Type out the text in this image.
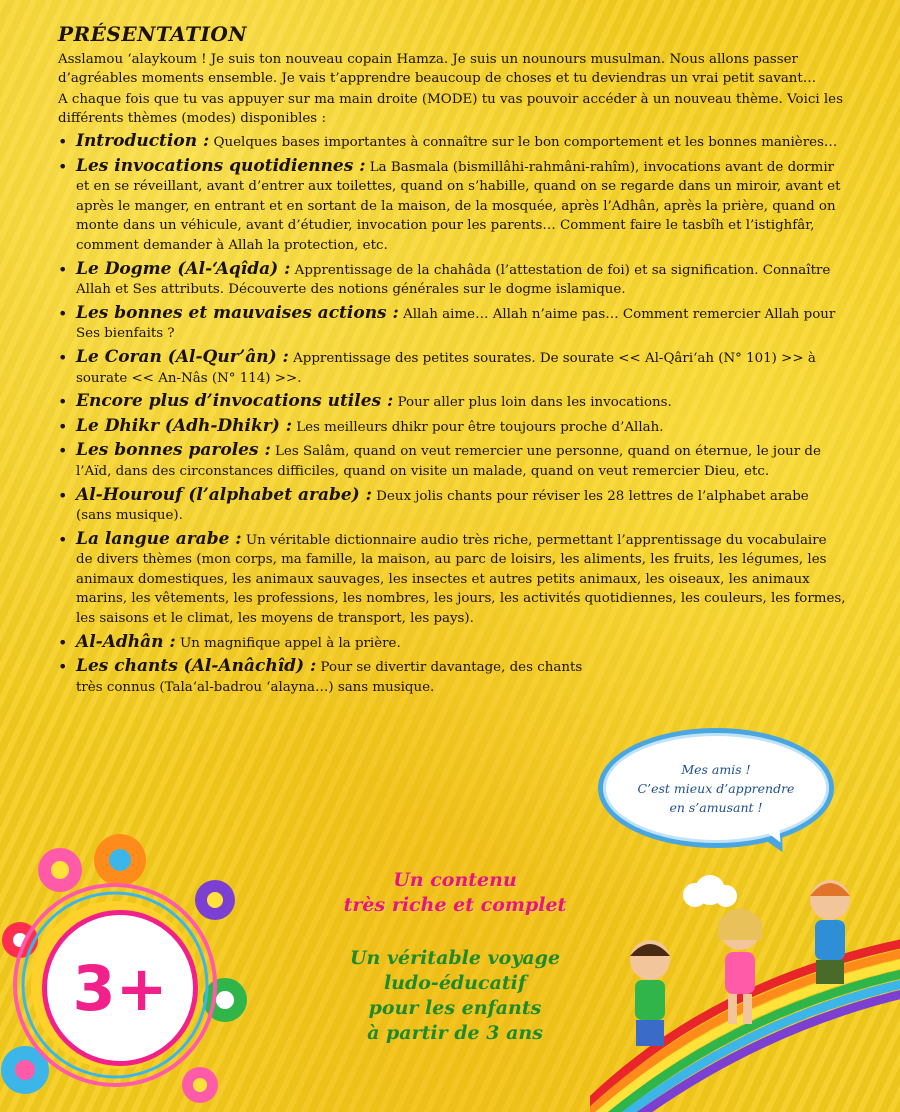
PRÉSENTATION

Asslamou ‘alaykoum ! Je suis ton nouveau copain Hamza. Je suis un nounours musulman. Nous allons passer d’agréables moments ensemble. Je vais t’apprendre beaucoup de choses et tu deviendras un vrai petit savant…

A chaque fois que tu vas appuyer sur ma main droite (MODE) tu vas pouvoir accéder à un nouveau thème. Voici les différents thèmes (modes) disponibles :

• Introduction : Quelques bases importantes à connaître sur le bon comportement et les bonnes manières…
• Les invocations quotidiennes : La Basmala (bismillâhi-rahmâni-rahîm), invocations avant de dormir et en se réveillant, avant d’entrer aux toilettes, quand on s’habille, quand on se regarde dans un miroir, avant et après le manger, en entrant et en sortant de la maison, de la mosquée, après l’Adhân, après la prière, quand on monte dans un véhicule, avant d’étudier, invocation pour les parents… Comment faire le tasbîh et l’istighfâr, comment demander à Allah la protection, etc.
• Le Dogme (Al-‘Aqîda) : Apprentissage de la chahâda (l’attestation de foi) et sa signification. Connaître Allah et Ses attributs. Découverte des notions générales sur le dogme islamique.
• Les bonnes et mauvaises actions : Allah aime… Allah n’aime pas… Comment remercier Allah pour Ses bienfaits ?
• Le Coran (Al-Qur’ân) : Apprentissage des petites sourates. De sourate << Al-Qâri‘ah (N° 101) >> à sourate << An-Nâs (N° 114) >>.
• Encore plus d’invocations utiles : Pour aller plus loin dans les invocations.
• Le Dhikr (Adh-Dhikr) : Les meilleurs dhikr pour être toujours proche d’Allah.
• Les bonnes paroles : Les Salâm, quand on veut remercier une personne, quand on éternue, le jour de l’Aïd, dans des circonstances difficiles, quand on visite un malade, quand on veut remercier Dieu, etc.
• Al-Hourouf (l’alphabet arabe) : Deux jolis chants pour réviser les 28 lettres de l’alphabet arabe (sans musique).
• La langue arabe : Un véritable dictionnaire audio très riche, permettant l’apprentissage du vocabulaire de divers thèmes (mon corps, ma famille, la maison, au parc de loisirs, les aliments, les fruits, les légumes, les animaux domestiques, les animaux sauvages, les insectes et autres petits animaux, les oiseaux, les animaux marins, les vêtements, les professions, les nombres, les jours, les activités quotidiennes, les couleurs, les formes, les saisons et le climat, les moyens de transport, les pays).
• Al-Adhân : Un magnifique appel à la prière.
• Les chants (Al-Anâchîd) : Pour se divertir davantage, des chants très connus (Tala‘al-badrou ‘alayna…) sans musique.
Mes amis !
C’est mieux d’apprendre
en s’amusant !
3+
Un contenu
très riche et complet
Un véritable voyage
ludo-éducatif
pour les enfants
à partir de 3 ans
